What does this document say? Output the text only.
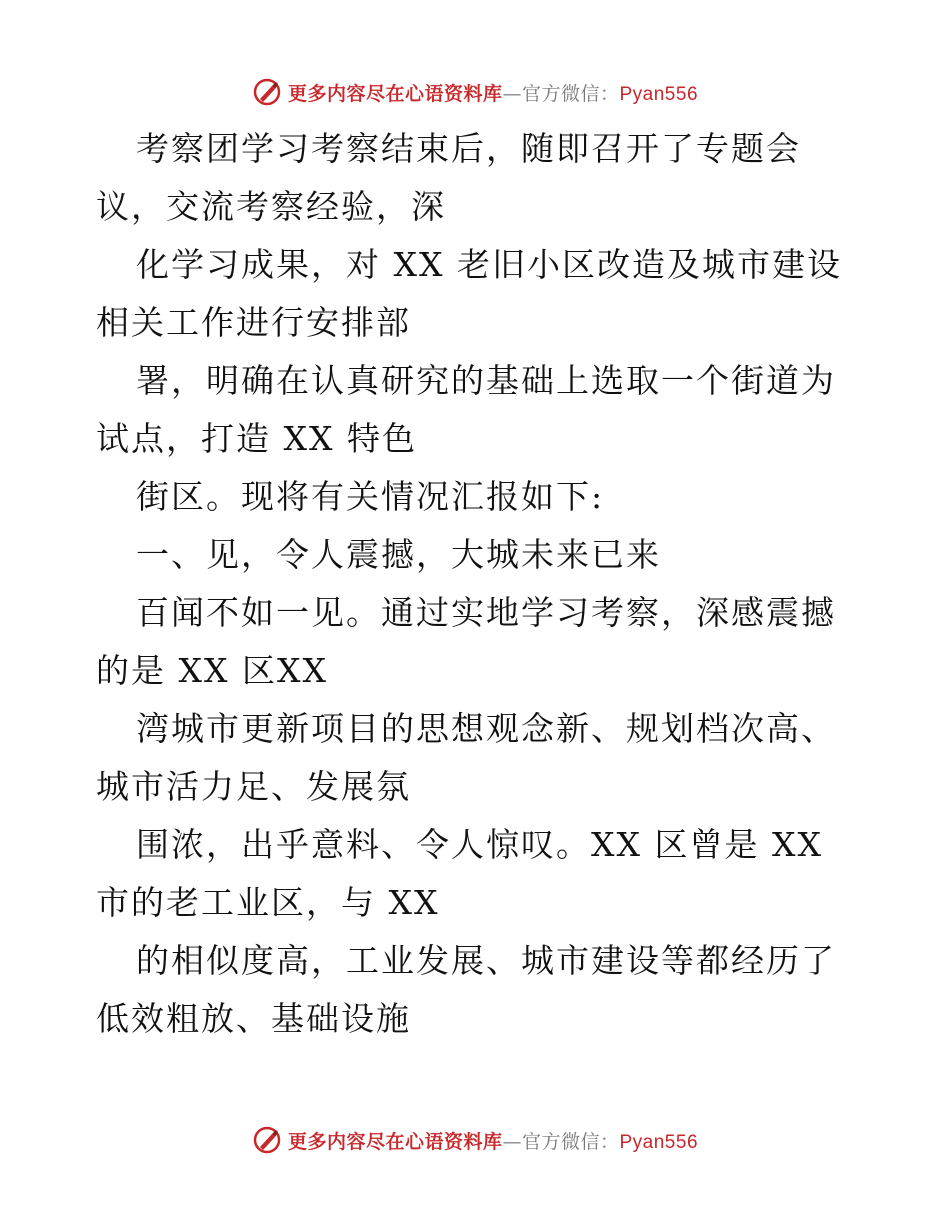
更多内容尽在心语资料库—官方微信：Pyan556

考察团学习考察结束后，随即召开了专题会议，交流考察经验，深

化学习成果，对 XX 老旧小区改造及城市建设相关工作进行安排部

署，明确在认真研究的基础上选取一个街道为试点，打造 XX 特色

街区。现将有关情况汇报如下:

一、见，令人震撼，大城未来已来

百闻不如一见。通过实地学习考察，深感震撼的是 XX 区XX

湾城市更新项目的思想观念新、规划档次高、城市活力足、发展氛

围浓，出乎意料、令人惊叹。XX 区曾是 XX 市的老工业区，与 XX

的相似度高，工业发展、城市建设等都经历了低效粗放、基础设施

更多内容尽在心语资料库—官方微信：Pyan556
